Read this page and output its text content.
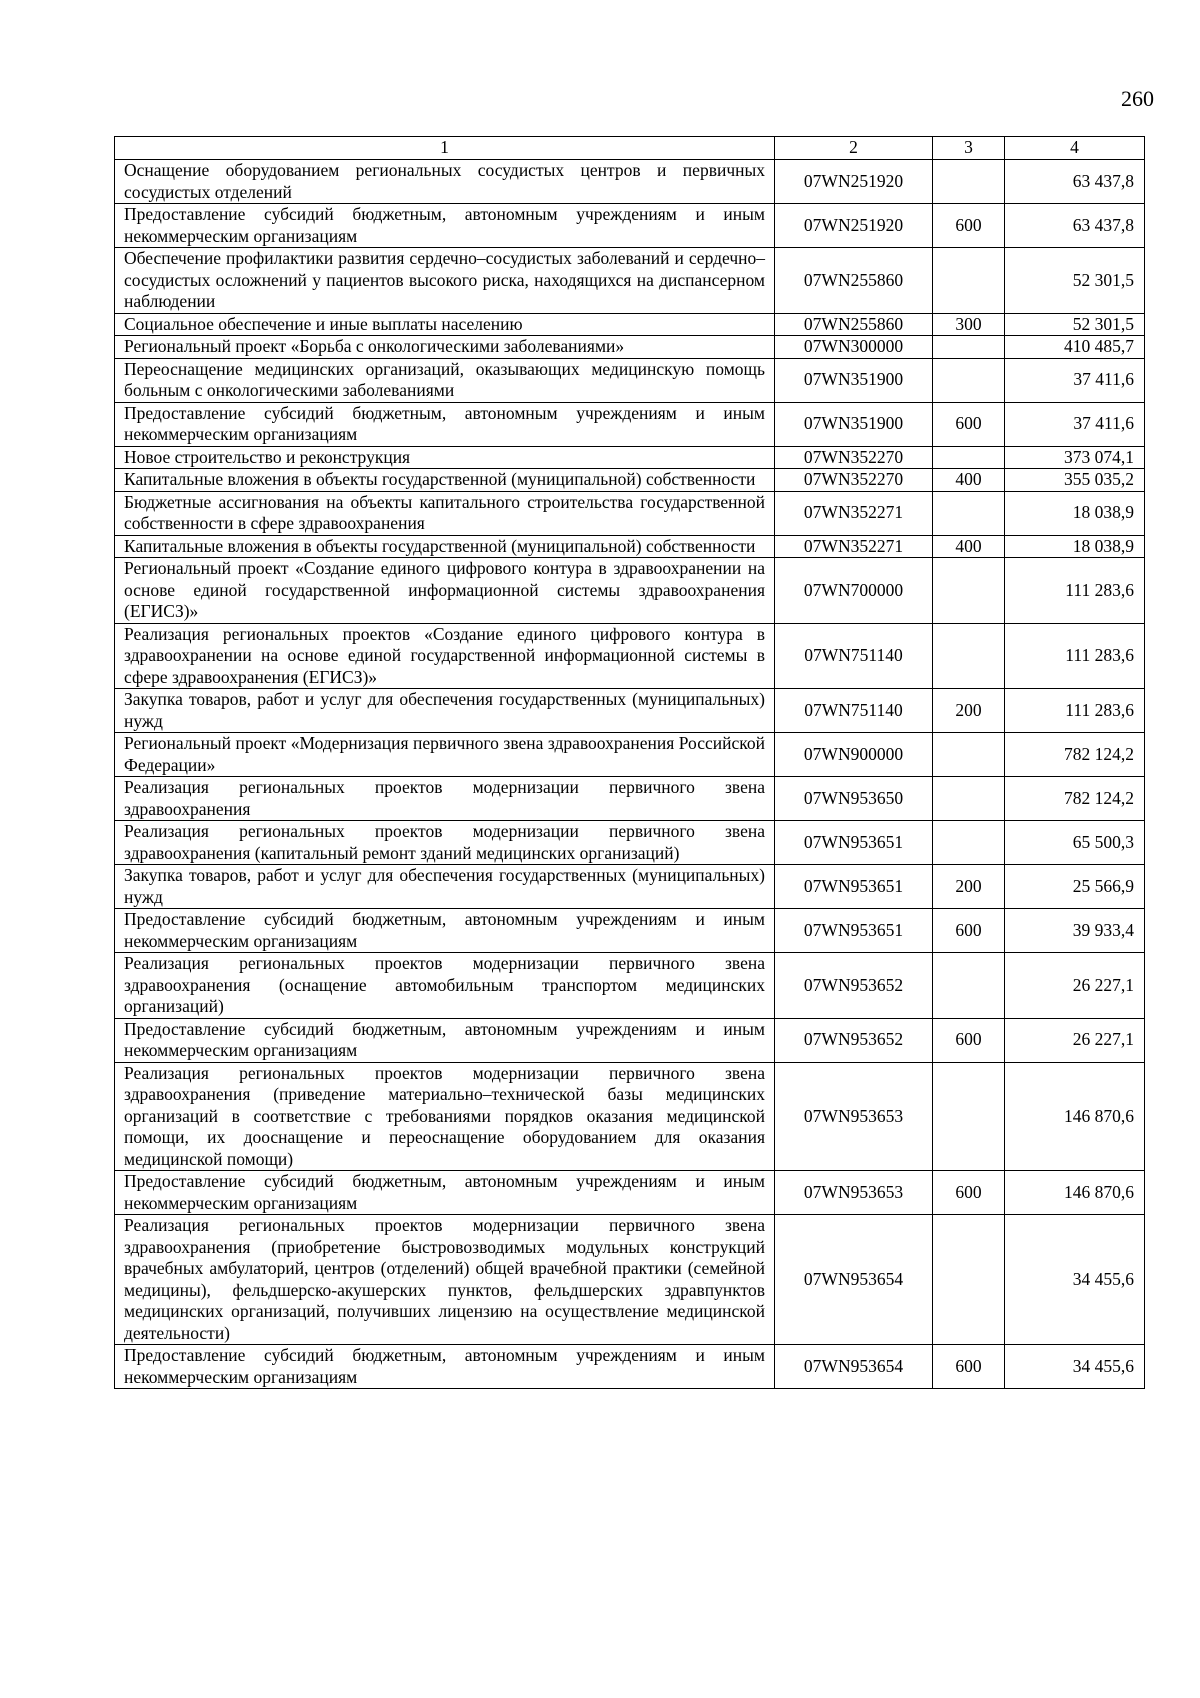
260
1	2	3	4
Оснащение оборудованием региональных сосудистых центров и первичных сосудистых отделений	07WN251920		63 437,8
Предоставление субсидий бюджетным, автономным учреждениям и иным некоммерческим организациям	07WN251920	600	63 437,8
Обеспечение профилактики развития сердечно–сосудистых заболеваний и сердечно–сосудистых осложнений у пациентов высокого риска, находящихся на диспансерном наблюдении	07WN255860		52 301,5
Социальное обеспечение и иные выплаты населению	07WN255860	300	52 301,5
Региональный проект «Борьба с онкологическими заболеваниями»	07WN300000		410 485,7
Переоснащение медицинских организаций, оказывающих медицинскую помощь больным с онкологическими заболеваниями	07WN351900		37 411,6
Предоставление субсидий бюджетным, автономным учреждениям и иным некоммерческим организациям	07WN351900	600	37 411,6
Новое строительство и реконструкция	07WN352270		373 074,1
Капитальные вложения в объекты государственной (муниципальной) собственности	07WN352270	400	355 035,2
Бюджетные ассигнования на объекты капитального строительства государственной собственности в сфере здравоохранения	07WN352271		18 038,9
Капитальные вложения в объекты государственной (муниципальной) собственности	07WN352271	400	18 038,9
Региональный проект «Создание единого цифрового контура в здравоохранении на основе единой государственной информационной системы здравоохранения (ЕГИСЗ)»	07WN700000		111 283,6
Реализация региональных проектов «Создание единого цифрового контура в здравоохранении на основе единой государственной информационной системы в сфере здравоохранения (ЕГИСЗ)»	07WN751140		111 283,6
Закупка товаров, работ и услуг для обеспечения государственных (муниципальных) нужд	07WN751140	200	111 283,6
Региональный проект «Модернизация первичного звена здравоохранения Российской Федерации»	07WN900000		782 124,2
Реализация региональных проектов модернизации первичного звена здравоохранения	07WN953650		782 124,2
Реализация региональных проектов модернизации первичного звена здравоохранения (капитальный ремонт зданий медицинских организаций)	07WN953651		65 500,3
Закупка товаров, работ и услуг для обеспечения государственных (муниципальных) нужд	07WN953651	200	25 566,9
Предоставление субсидий бюджетным, автономным учреждениям и иным некоммерческим организациям	07WN953651	600	39 933,4
Реализация региональных проектов модернизации первичного звена здравоохранения (оснащение автомобильным транспортом медицинских организаций)	07WN953652		26 227,1
Предоставление субсидий бюджетным, автономным учреждениям и иным некоммерческим организациям	07WN953652	600	26 227,1
Реализация региональных проектов модернизации первичного звена здравоохранения (приведение материально–технической базы медицинских организаций в соответствие с требованиями порядков оказания медицинской помощи, их дооснащение и переоснащение оборудованием для оказания медицинской помощи)	07WN953653		146 870,6
Предоставление субсидий бюджетным, автономным учреждениям и иным некоммерческим организациям	07WN953653	600	146 870,6
Реализация региональных проектов модернизации первичного звена здравоохранения (приобретение быстровозводимых модульных конструкций врачебных амбулаторий, центров (отделений) общей врачебной практики (семейной медицины), фельдшерско-акушерских пунктов, фельдшерских здравпунктов медицинских организаций, получивших лицензию на осуществление медицинской деятельности)	07WN953654		34 455,6
Предоставление субсидий бюджетным, автономным учреждениям и иным некоммерческим организациям	07WN953654	600	34 455,6
